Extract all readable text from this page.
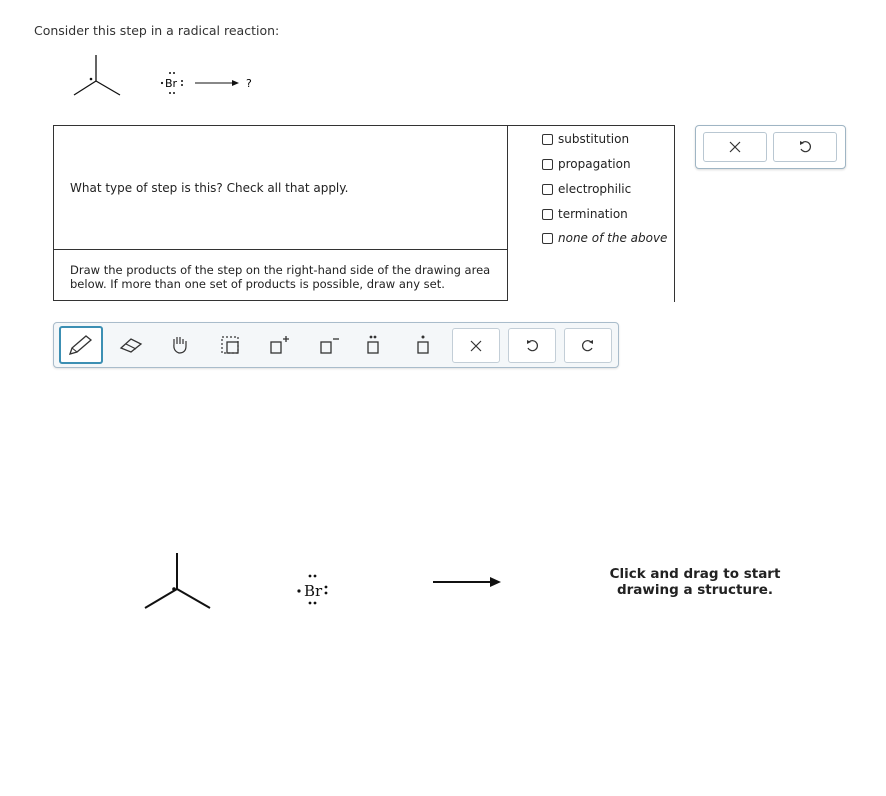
Consider this step in a radical reaction:
Br	?
What type of step is this? Check all that apply.
Draw the products of the step on the right-hand side of the drawing area below. If more than one set of products is possible, draw any set.
substitution
propagation
electrophilic
termination
none of the above
Br
Click and drag to start drawing a structure.
